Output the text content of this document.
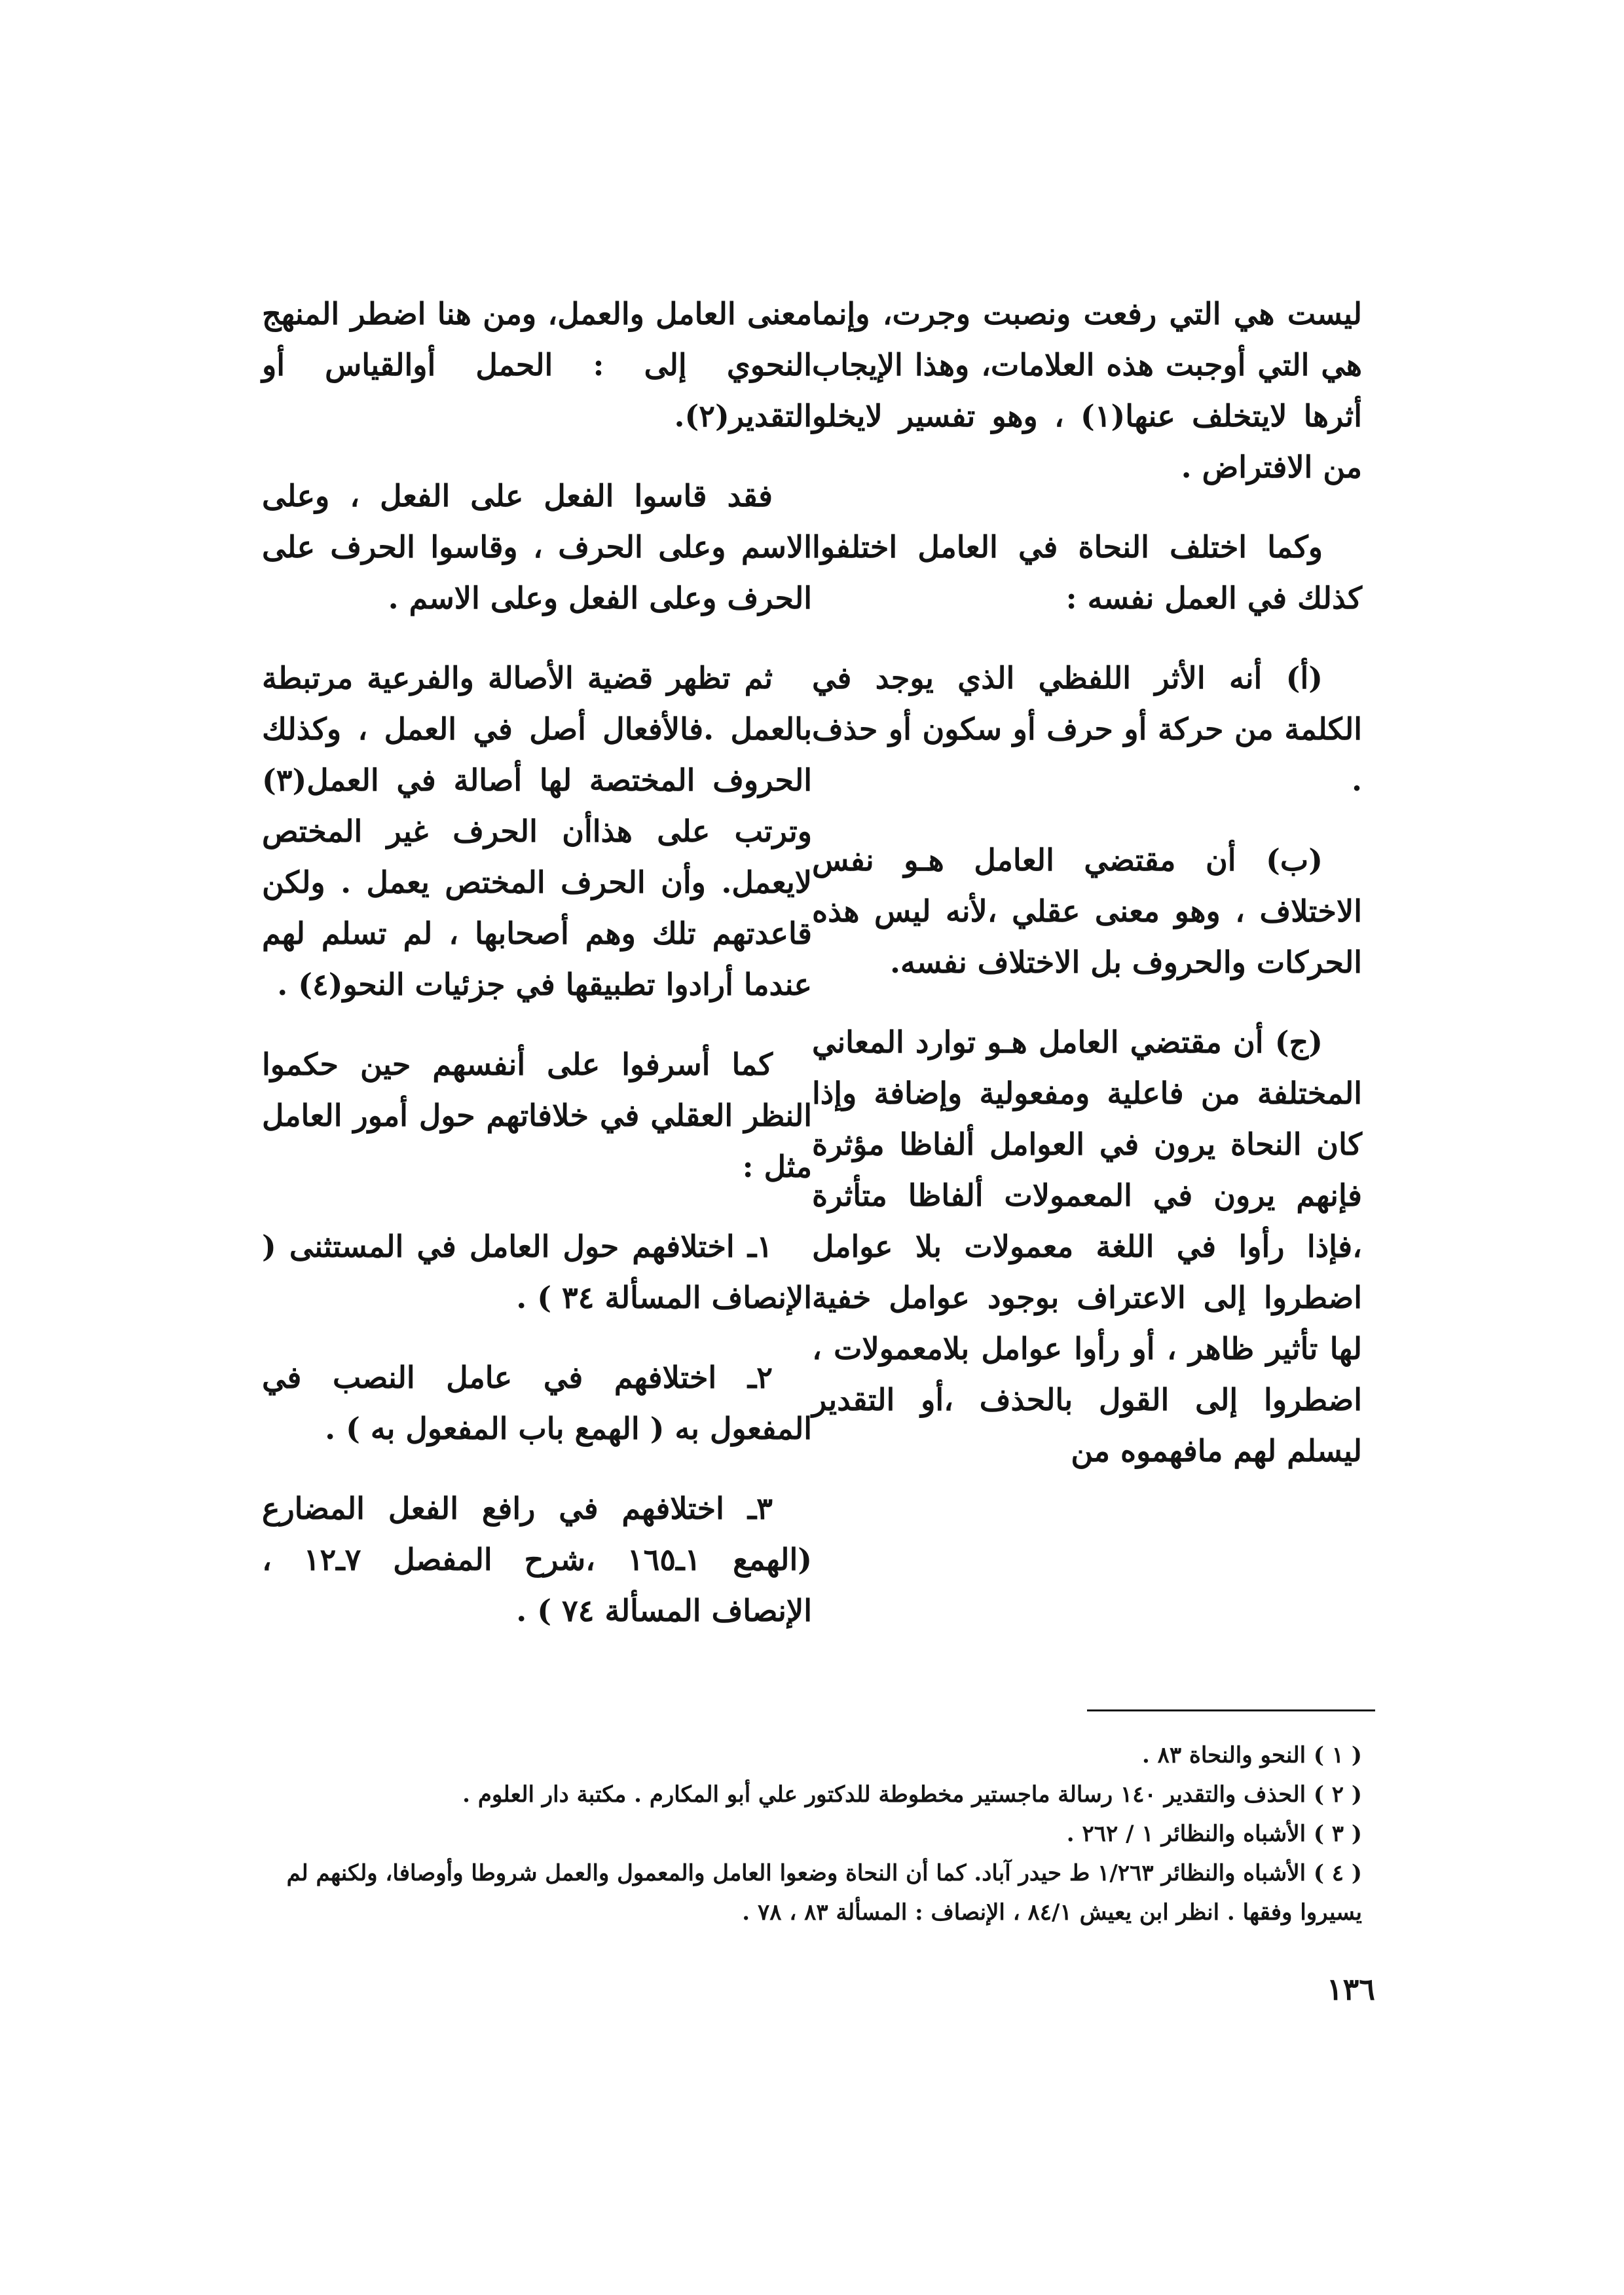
ليست هي التي رفعت ونصبت وجرت، وإنما هي التي أوجبت هذه العلامات، وهذا الإيجاب أثرها لايتخلف عنها(١) ، وهو تفسير لايخلو من الافتراض .

وكما اختلف النحاة في العامل اختلفوا كذلك في العمل نفسه :

(أ) أنه الأثر اللفظي الذي يوجد في الكلمة من حركة أو حرف أو سكون أو حذف .

(ب) أن مقتضي العامل هـو نفس الاختلاف ، وهو معنى عقلي ،لأنه ليس هذه الحركات والحروف بل الاختلاف نفسه.

(ج) أن مقتضي العامل هـو توارد المعاني المختلفة من فاعلية ومفعولية وإضافة وإذا كان النحاة يرون في العوامل ألفاظا مؤثرة فإنهم يرون في المعمولات ألفاظا متأثرة ،فإذا رأوا في اللغة معمولات بلا عوامل اضطروا إلى الاعتراف بوجود عوامل خفية لها تأثير ظاهر ، أو رأوا عوامل بلامعمولات ، اضطروا إلى القول بالحذف ،أو التقدير ليسلم لهم مافهموه من

معنى العامل والعمل، ومن هنا اضطر المنهج النحوي إلى : الحمل أوالقياس أو التقدير(٢).

فقد قاسوا الفعل على الفعل ، وعلى الاسم وعلى الحرف ، وقاسوا الحرف على الحرف وعلى الفعل وعلى الاسم .

ثم تظهر قضية الأصالة والفرعية مرتبطة بالعمل .فالأفعال أصل في العمل ، وكذلك الحروف المختصة لها أصالة في العمل(٣) وترتب على هذاأن الحرف غير المختص لايعمل. وأن الحرف المختص يعمل . ولكن قاعدتهم تلك وهم أصحابها ، لم تسلم لهم عندما أرادوا تطبيقها في جزئيات النحو(٤) .

كما أسرفوا على أنفسهم حين حكموا النظر العقلي في خلافاتهم حول أمور العامل مثل :

١ـ اختلافهم حول العامل في المستثنى ( الإنصاف المسألة ٣٤ ) .

٢ـ اختلافهم في عامل النصب في المفعول به ( الهمع باب المفعول به ) .

٣ـ اختلافهم في رافع الفعل المضارع (الهمع ١ـ١٦٥ ،شرح المفصل ٧ـ١٢ ، الإنصاف المسألة ٧٤ ) .

( ١ ) النحو والنحاة ٨٣ .

( ٢ ) الحذف والتقدير ١٤٠ رسالة ماجستير مخطوطة للدكتور علي أبو المكارم . مكتبة دار العلوم .

( ٣ ) الأشباه والنظائر ١ / ٢٦٢ .

( ٤ ) الأشباه والنظائر ١/٢٦٣ ط حيدر آباد. كما أن النحاة وضعوا العامل والمعمول والعمل شروطا وأوصافا، ولكنهم لم يسيروا وفقها . انظر ابن يعيش ٨٤/١ ، الإنصاف : المسألة ٨٣ ، ٧٨ .

١٣٦
